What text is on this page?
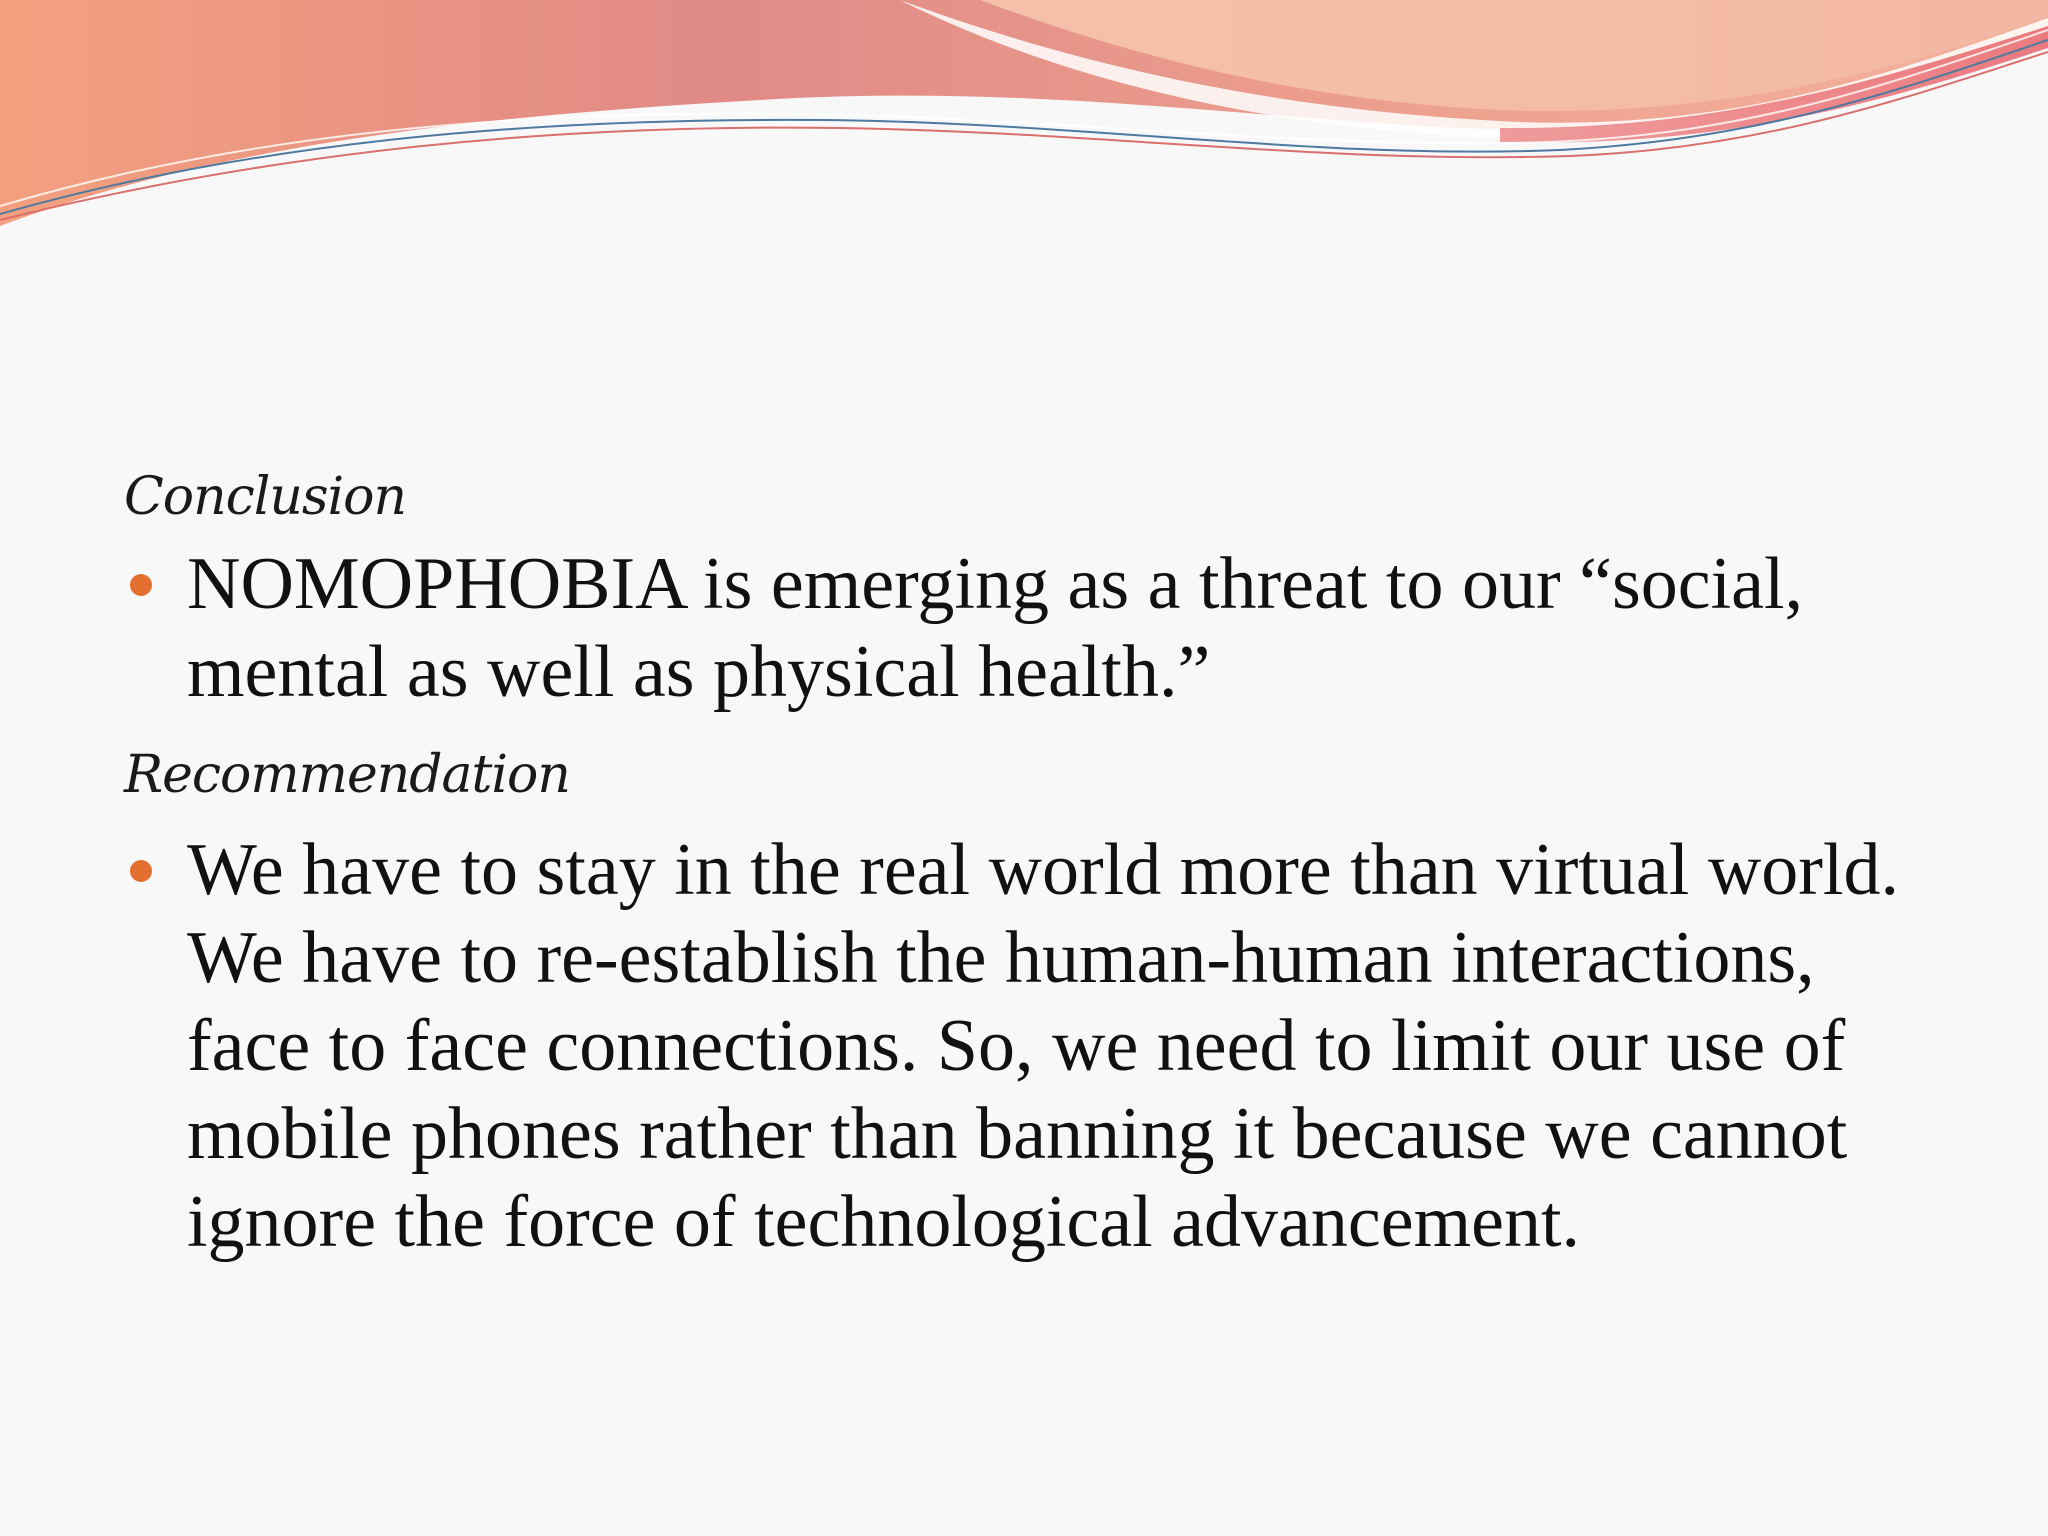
Conclusion

NOMOPHOBIA is emerging as a threat to our “social, mental as well as physical health.”

Recommendation

We have to stay in the real world more than virtual world. We have to re-establish the human-human interactions, face to face connections. So, we need to limit our use of mobile phones rather than banning it because we cannot ignore the force of technological advancement.
